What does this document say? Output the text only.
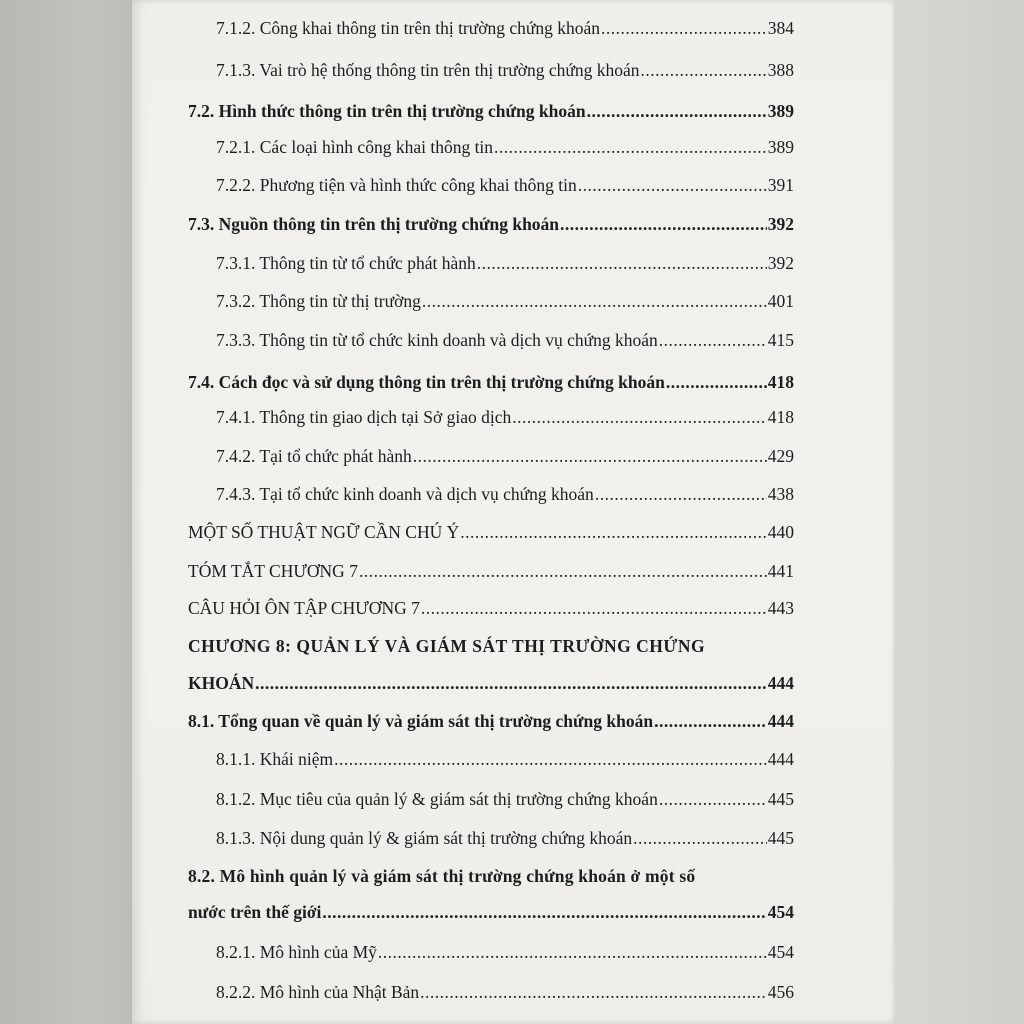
7.1.2. Công khai thông tin trên thị trường chứng khoán .....	384
7.1.3. Vai trò hệ thống thông tin trên thị trường chứng khoán .....	388
7.2. Hình thức thông tin trên thị trường chứng khoán .....	389
7.2.1. Các loại hình công khai thông tin .....	389
7.2.2. Phương tiện và hình thức công khai thông tin .....	391
7.3. Nguồn thông tin trên thị trường chứng khoán .....	392
7.3.1. Thông tin từ tổ chức phát hành .....	392
7.3.2. Thông tin từ thị trường .....	401
7.3.3. Thông tin từ tổ chức kinh doanh và dịch vụ chứng khoán .....	415
7.4. Cách đọc và sử dụng thông tin trên thị trường chứng khoán .....	418
7.4.1. Thông tin giao dịch tại Sở giao dịch .....	418
7.4.2. Tại tổ chức phát hành .....	429
7.4.3. Tại tổ chức kinh doanh và dịch vụ chứng khoán .....	438
MỘT SỐ THUẬT NGỮ CẦN CHÚ Ý .....	440
TÓM TẮT CHƯƠNG 7 .....	441
CÂU HỎI ÔN TẬP CHƯƠNG 7 .....	443
CHƯƠNG 8: QUẢN LÝ VÀ GIÁM SÁT THỊ TRƯỜNG CHỨNG
KHOÁN .....	444
8.1. Tổng quan về quản lý và giám sát thị trường chứng khoán .....	444
8.1.1. Khái niệm .....	444
8.1.2. Mục tiêu của quản lý & giám sát thị trường chứng khoán .....	445
8.1.3. Nội dung quản lý & giám sát thị trường chứng khoán .....	445
8.2. Mô hình quản lý và giám sát thị trường chứng khoán ở một số
nước trên thế giới .....	454
8.2.1. Mô hình của Mỹ .....	454
8.2.2. Mô hình của Nhật Bản .....	456
